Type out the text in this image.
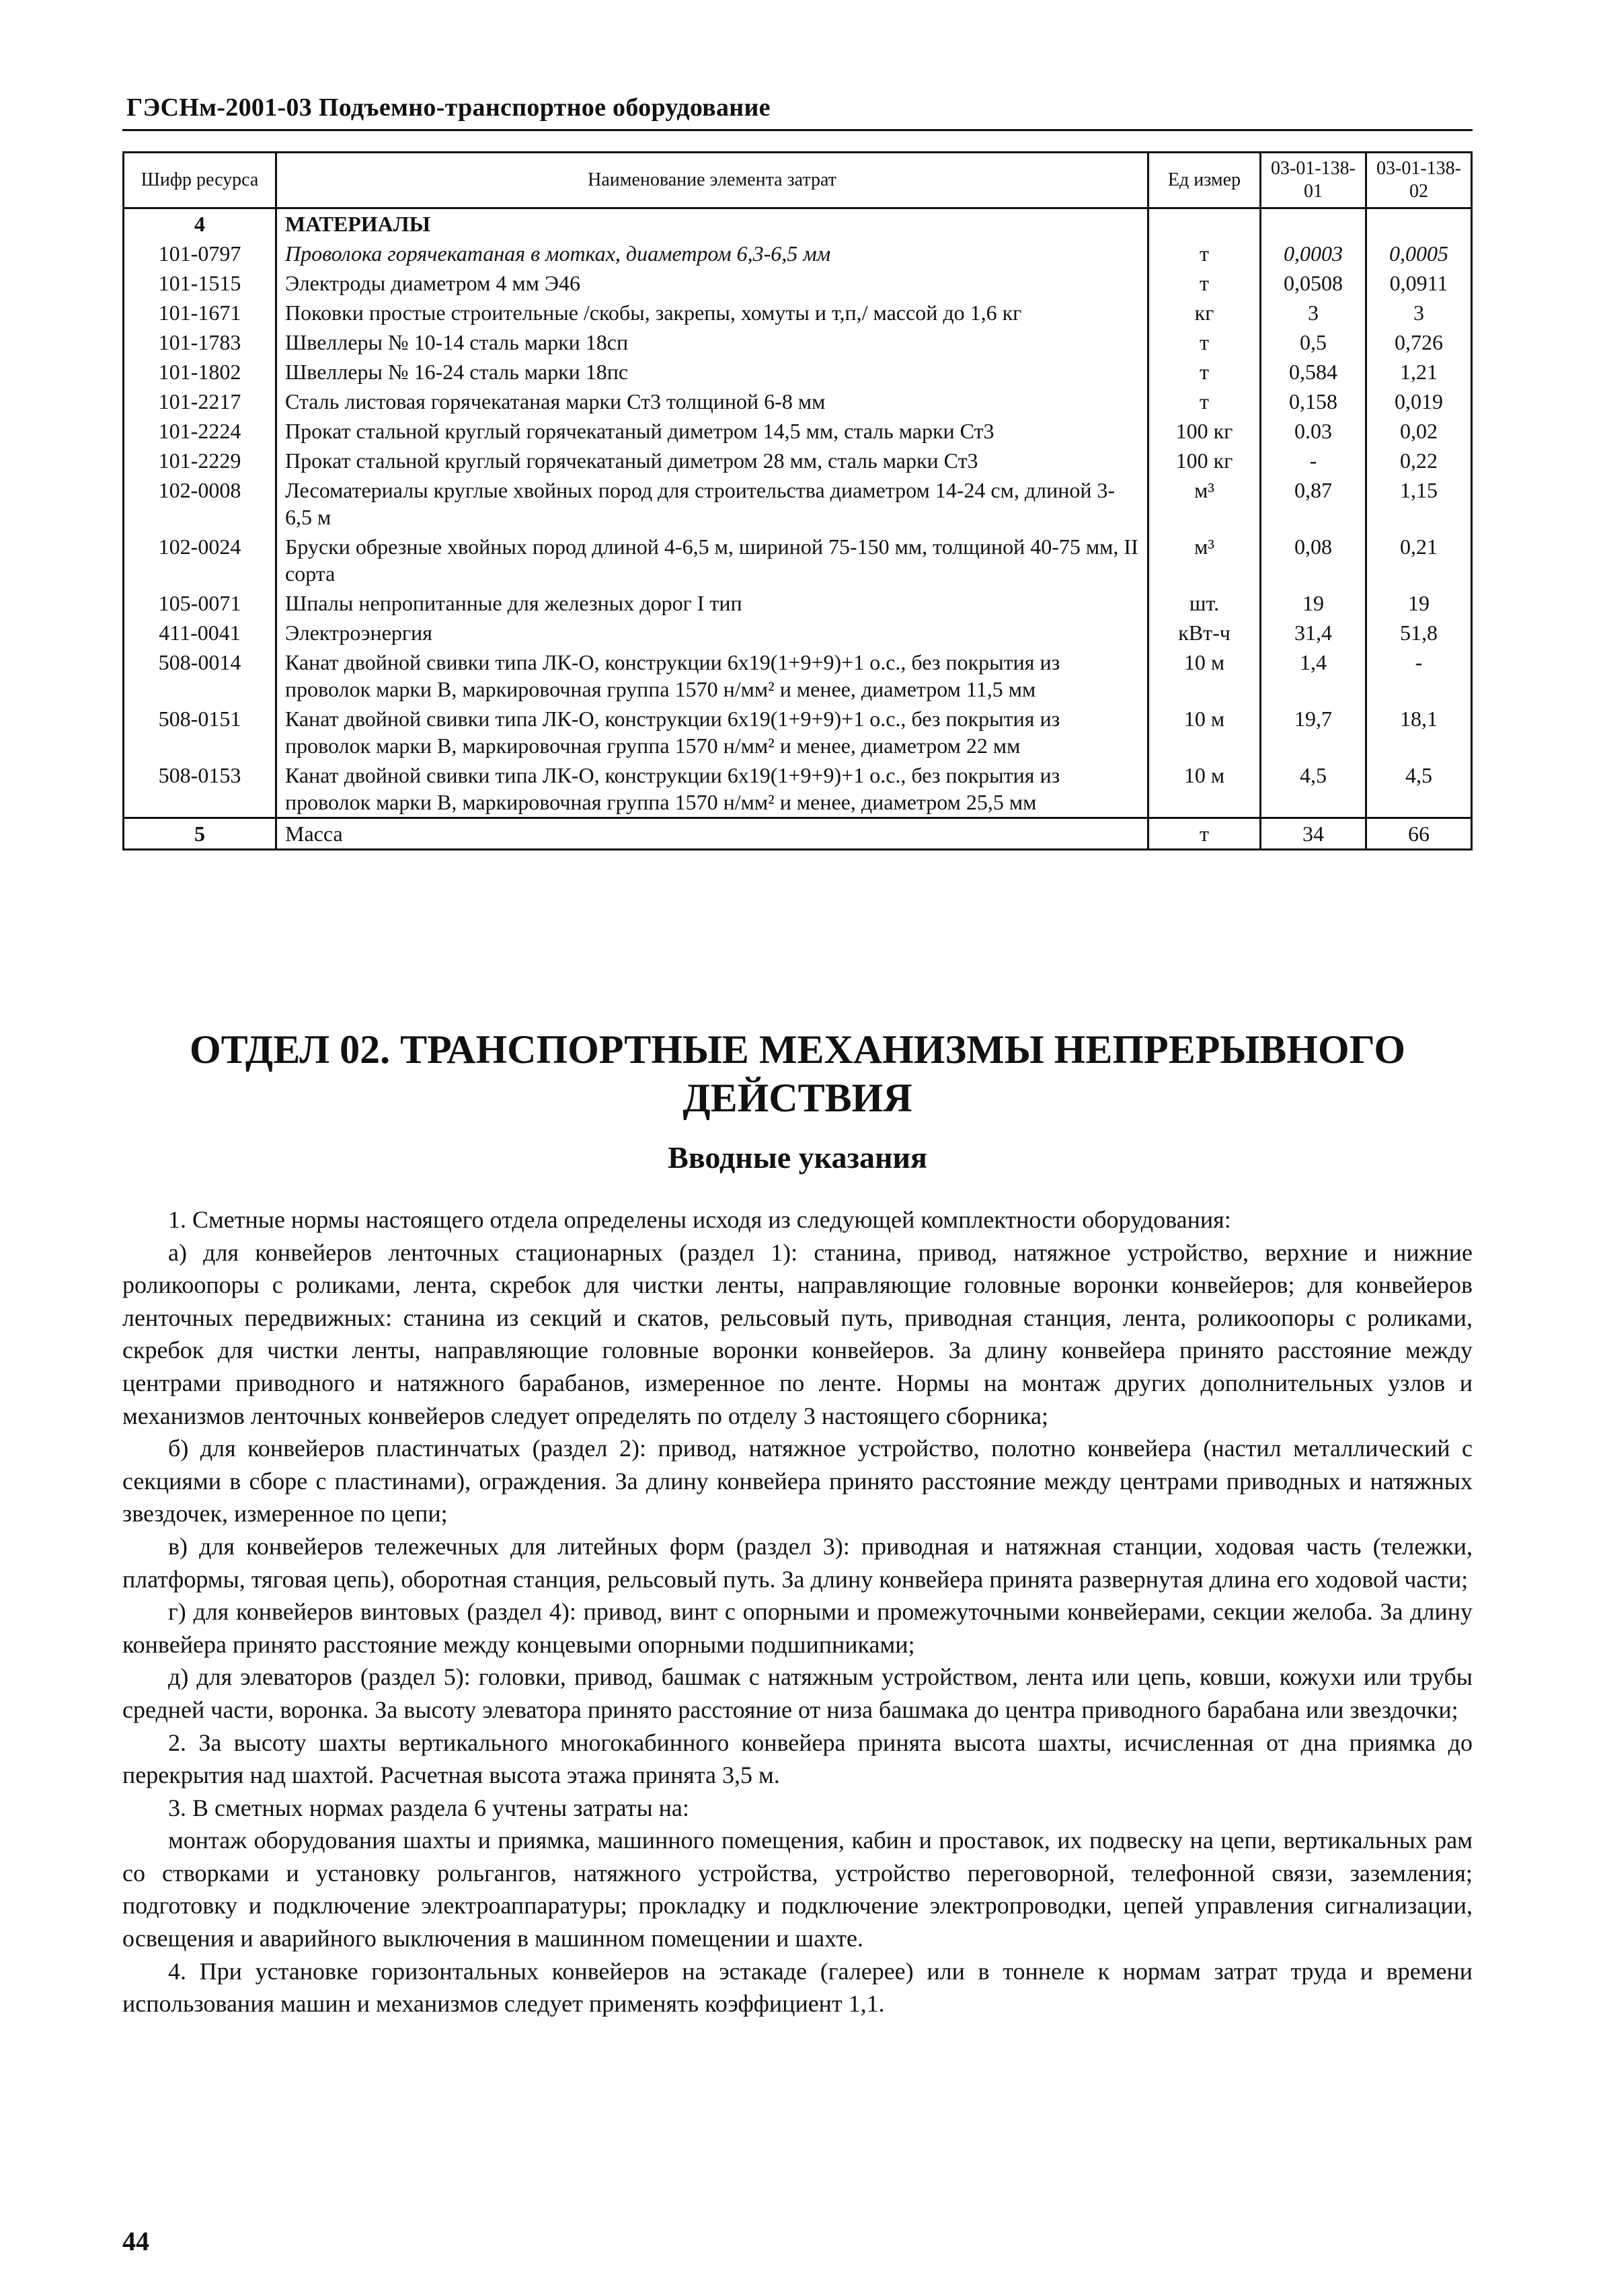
ГЭСНм-2001-03 Подъемно-транспортное оборудование
Шифр ресурса	Наименование элемента затрат	Ед измер	03-01-138-01	03-01-138-02
4	МАТЕРИАЛЫ			
101-0797	Проволока горячекатаная в мотках, диаметром 6,3-6,5 мм	т	0,0003	0,0005
101-1515	Электроды диаметром 4 мм Э46	т	0,0508	0,0911
101-1671	Поковки простые строительные /скобы, закрепы, хомуты и т,п,/ массой до 1,6 кг	кг	3	3
101-1783	Швеллеры № 10-14 сталь марки 18сп	т	0,5	0,726
101-1802	Швеллеры № 16-24 сталь марки 18пс	т	0,584	1,21
101-2217	Сталь листовая горячекатаная марки Ст3 толщиной 6-8 мм	т	0,158	0,019
101-2224	Прокат стальной круглый горячекатаный диметром 14,5 мм, сталь марки Ст3	100 кг	0.03	0,02
101-2229	Прокат стальной круглый горячекатаный диметром 28 мм, сталь марки Ст3	100 кг	-	0,22
102-0008	Лесоматериалы круглые хвойных пород для строительства диаметром 14-24 см, длиной 3-6,5 м	м³	0,87	1,15
102-0024	Бруски обрезные хвойных пород длиной 4-6,5 м, шириной 75-150 мм, толщиной 40-75 мм, II сорта	м³	0,08	0,21
105-0071	Шпалы непропитанные для железных дорог I тип	шт.	19	19
411-0041	Электроэнергия	кВт-ч	31,4	51,8
508-0014	Канат двойной свивки типа ЛК-О, конструкции 6х19(1+9+9)+1 о.с., без покрытия из проволок марки В, маркировочная группа 1570 н/мм² и менее, диаметром 11,5 мм	10 м	1,4	-
508-0151	Канат двойной свивки типа ЛК-О, конструкции 6х19(1+9+9)+1 о.с., без покрытия из проволок марки В, маркировочная группа 1570 н/мм² и менее, диаметром 22 мм	10 м	19,7	18,1
508-0153	Канат двойной свивки типа ЛК-О, конструкции 6х19(1+9+9)+1 о.с., без покрытия из проволок марки В, маркировочная группа 1570 н/мм² и менее, диаметром 25,5 мм	10 м	4,5	4,5
5	Масса	т	34	66
ОТДЕЛ 02. ТРАНСПОРТНЫЕ МЕХАНИЗМЫ НЕПРЕРЫВНОГО ДЕЙСТВИЯ
Вводные указания

1. Сметные нормы настоящего отдела определены исходя из следующей комплектности оборудования:

а) для конвейеров ленточных стационарных (раздел 1): станина, привод, натяжное устройство, верхние и нижние роликоопоры с роликами, лента, скребок для чистки ленты, направляющие головные воронки конвейеров; для конвейеров ленточных передвижных: станина из секций и скатов, рельсовый путь, приводная станция, лента, роликоопоры с роликами, скребок для чистки ленты, направляющие головные воронки конвейеров. За длину конвейера принято расстояние между центрами приводного и натяжного барабанов, измеренное по ленте. Нормы на монтаж других дополнительных узлов и механизмов ленточных конвейеров следует определять по отделу 3 настоящего сборника;

б) для конвейеров пластинчатых (раздел 2): привод, натяжное устройство, полотно конвейера (настил металлический с секциями в сборе с пластинами), ограждения. За длину конвейера принято расстояние между центрами приводных и натяжных звездочек, измеренное по цепи;

в) для конвейеров тележечных для литейных форм (раздел 3): приводная и натяжная станции, ходовая часть (тележки, платформы, тяговая цепь), оборотная станция, рельсовый путь. За длину конвейера принята развернутая длина его ходовой части;

г) для конвейеров винтовых (раздел 4): привод, винт с опорными и промежуточными конвейерами, секции желоба. За длину конвейера принято расстояние между концевыми опорными подшипниками;

д) для элеваторов (раздел 5): головки, привод, башмак с натяжным устройством, лента или цепь, ковши, кожухи или трубы средней части, воронка. За высоту элеватора принято расстояние от низа башмака до центра приводного барабана или звездочки;

2. За высоту шахты вертикального многокабинного конвейера принята высота шахты, исчисленная от дна приямка до перекрытия над шахтой. Расчетная высота этажа принята 3,5 м.

3. В сметных нормах раздела 6 учтены затраты на:

монтаж оборудования шахты и приямка, машинного помещения, кабин и проставок, их подвеску на цепи, вертикальных рам со створками и установку рольгангов, натяжного устройства, устройство переговорной, телефонной связи, заземления; подготовку и подключение электроаппаратуры; прокладку и подключение электропроводки, цепей управления сигнализации, освещения и аварийного выключения в машинном помещении и шахте.

4. При установке горизонтальных конвейеров на эстакаде (галерее) или в тоннеле к нормам затрат труда и времени использования машин и механизмов следует применять коэффициент 1,1.

44
